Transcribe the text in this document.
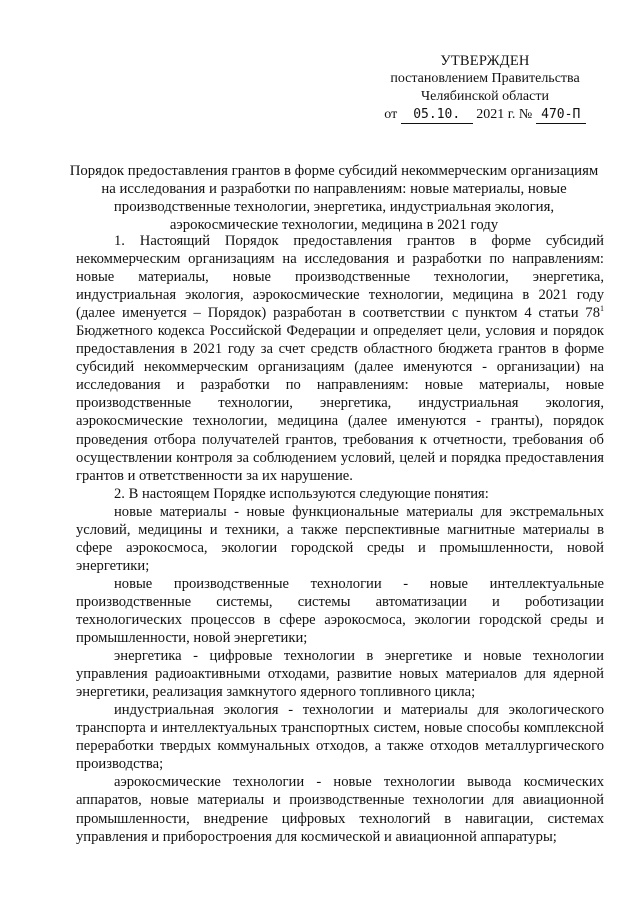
УТВЕРЖДЕН
постановлением Правительства
Челябинской области
от 05.10. 2021 г. № 470-П
Порядок предоставления грантов в форме субсидий некоммерческим организациям на исследования и разработки по направлениям: новые материалы, новые производственные технологии, энергетика, индустриальная экология, аэрокосмические технологии, медицина в 2021 году

1. Настоящий Порядок предоставления грантов в форме субсидий некоммерческим организациям на исследования и разработки по направлениям: новые материалы, новые производственные технологии, энергетика, индустриальная экология, аэрокосмические технологии, медицина в 2021 году (далее именуется – Порядок) разработан в соответствии с пунктом 4 статьи $78^1$ Бюджетного кодекса Российской Федерации и определяет цели, условия и порядок предоставления в 2021 году за счет средств областного бюджета грантов в форме субсидий некоммерческим организациям (далее именуются - организации) на исследования и разработки по направлениям: новые материалы, новые производственные технологии, энергетика, индустриальная экология, аэрокосмические технологии, медицина (далее именуются - гранты), порядок проведения отбора получателей грантов, требования к отчетности, требования об осуществлении контроля за соблюдением условий, целей и порядка предоставления грантов и ответственности за их нарушение.

2. В настоящем Порядке используются следующие понятия:

новые материалы - новые функциональные материалы для экстремальных условий, медицины и техники, а также перспективные магнитные материалы в сфере аэрокосмоса, экологии городской среды и промышленности, новой энергетики;

новые производственные технологии - новые интеллектуальные производственные системы, системы автоматизации и роботизации технологических процессов в сфере аэрокосмоса, экологии городской среды и промышленности, новой энергетики;

энергетика - цифровые технологии в энергетике и новые технологии управления радиоактивными отходами, развитие новых материалов для ядерной энергетики, реализация замкнутого ядерного топливного цикла;

индустриальная экология - технологии и материалы для экологического транспорта и интеллектуальных транспортных систем, новые способы комплексной переработки твердых коммунальных отходов, а также отходов металлургического производства;

аэрокосмические технологии - новые технологии вывода космических аппаратов, новые материалы и производственные технологии для авиационной промышленности, внедрение цифровых технологий в навигации, системах управления и приборостроения для космической и авиационной аппаратуры;
